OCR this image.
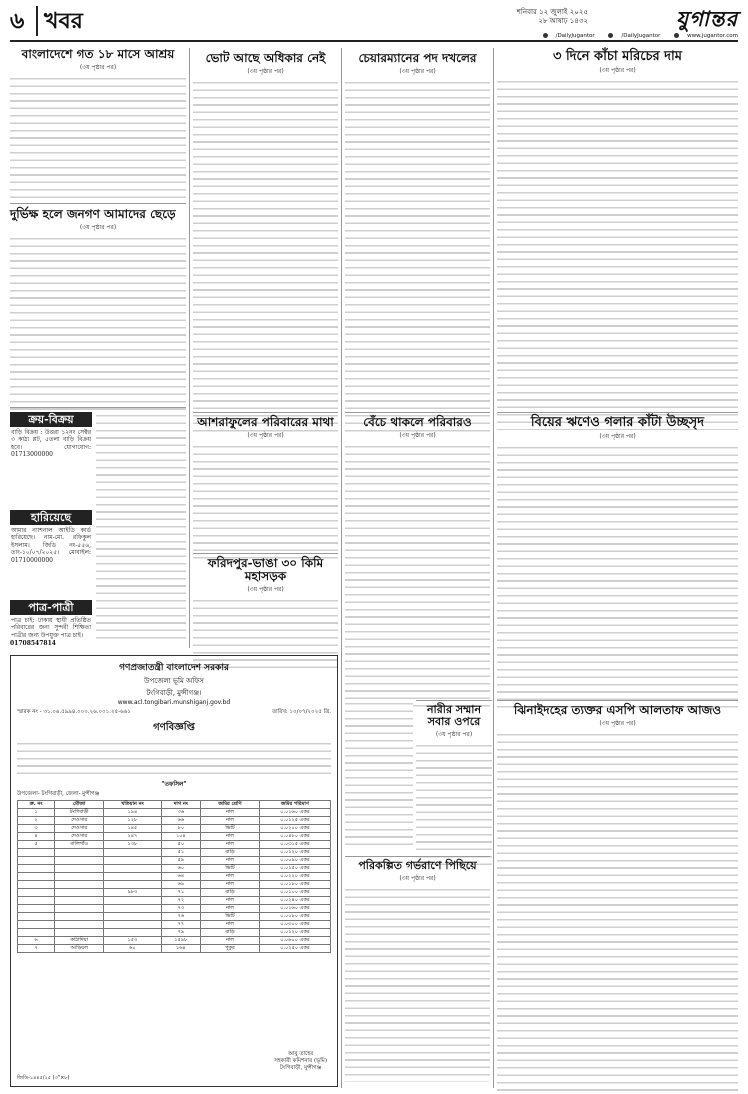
৬ খবর	শনিবার ১২ জুলাই ২০২৫
২৮ আষাঢ় ১৪৩২	যুগান্তর
/DailyJugantor	/DailyJugantor	www.jugantor.com
বাংলাদেশে গত ১৮ মাসে আশ্রয়
(৩য় পৃষ্ঠার পর)
ভোট আছে অধিকার নেই
(৩য় পৃষ্ঠার পর)
চেয়ারম্যানের পদ দখলের
(৩য় পৃষ্ঠার পর)
৩ দিনে কাঁচা মরিচের দাম
(৩য় পৃষ্ঠার পর)
দুর্ভিক্ষ হলে জনগণ আমাদের ছেড়ে
(৩য় পৃষ্ঠার পর)
ক্রয়-বিক্রয়
বাড়ি বিক্রয় : উত্তরা ১২নং সেক্টর ৩ কাঠা প্লট, ৫তলা বাড়ি বিক্রয় হবে। যোগাযোগ: 01713000000
হারিয়েছে
আমার ন্যাশনাল আইডি কার্ড হারিয়েছে। নাম-মো. রফিকুল ইসলাম। জিডি নং-৫৫৬, তাং-১০/০৭/২০২৫। মোবাইল: 01710000000
পাত্র-পাত্রী
পাত্র চাই: ঢাকায় স্থায়ী প্রতিষ্ঠিত পরিবারের জন্য সুন্দরী শিক্ষিতা পাত্রীর জন্য উপযুক্ত পাত্র চাই।
01708547814
আশরাফুলের পরিবারের মাথা
(৩য় পৃষ্ঠার পর)
বেঁচে থাকলে পরিবারও
(৩য় পৃষ্ঠার পর)
বিয়ের ঋণেও গলার কাঁটা উচ্ছসৃদ
(৩য় পৃষ্ঠার পর)
ফরিদপুর-ভাঙা ৩০ কিমি মহাসড়ক
(৩য় পৃষ্ঠার পর)
নারীর সম্মান সবার ওপরে
(৩য় পৃষ্ঠার পর)
ঝিনাইদহের ত্যক্তর এসপি আলতাফ আজও
(৩য় পৃষ্ঠার পর)
পরিকল্পিত গর্ভরাণে পিছিয়ে
(৩য় পৃষ্ঠার পর)
গণপ্রজাতন্ত্রী বাংলাদেশ সরকার
উপজেলা ভূমি অফিস
টংগিবাড়ী, মুন্সীগঞ্জ।
www.acl.tongibari.munshiganj.gov.bd
স্মারক নং - ৩১.০৬.৫৯৯৪.০০০.২৬.০০১.২৫-৬৬১	তারিখ: ১০/০৭/২০২৫ খ্রি.
গণবিজ্ঞপ্তি
"তফসিল"
উপজেলা- টংগিবাড়ী, জেলা- মুন্সীগঞ্জ
ক্র. নং	মৌজা	খতিয়ান নং	দাগ নং	জমির শ্রেণি	জমির পরিমাণ
১	টংগিবাড়ী	১৯৪	৩৬	নাল	০.০১৬০ একর
২	দেওসার	১২৮	৬৬	নাল	০.০১২৫ একর
৩	দেওসার	১৪৫	৮০	ভিটি	০.০২০০ একর
৪	দেওসার	২৪৭	১০৪	নাল	০.০৪৮০ একর
৫	বালিগাঁও	১৩৮	৫০	নাল	০.০৩১৫ একর
			৫১	বাড়ি	০.০১২০ একর
			৫৯	নাল	০.০০৯০ একর
			৬০	ভিটি	০.০১৫০ একর
			৬৪	নাল	০.০২২০ একর
			৬৯	নাল	০.০১৮০ একর
		৯৮৩	৭১	বাড়ি	০.০১০০ একর
			৭২	নাল	০.০২৪০ একর
			৭৩	নাল	০.০১৬০ একর
			৭৬	ভিটি	০.০০৮০ একর
			৭৭	নাল	০.০৩০০ একর
			৭৯	বাড়ি	০.০১২০ একর
৬	কাঠাদিয়া	১৫৩	১৫৯৮	নাল	০.০৬০০ একর
৭	আড়িয়ল	৬০	১৬৪	পুকুর	০.০২৫০ একর
আবু তাহের
সহকারী কমিশনার (ভূমি)
টংগিবাড়ী, মুন্সীগঞ্জ
জিডি-১৪৪৫/২৫ (৩"×৮)
